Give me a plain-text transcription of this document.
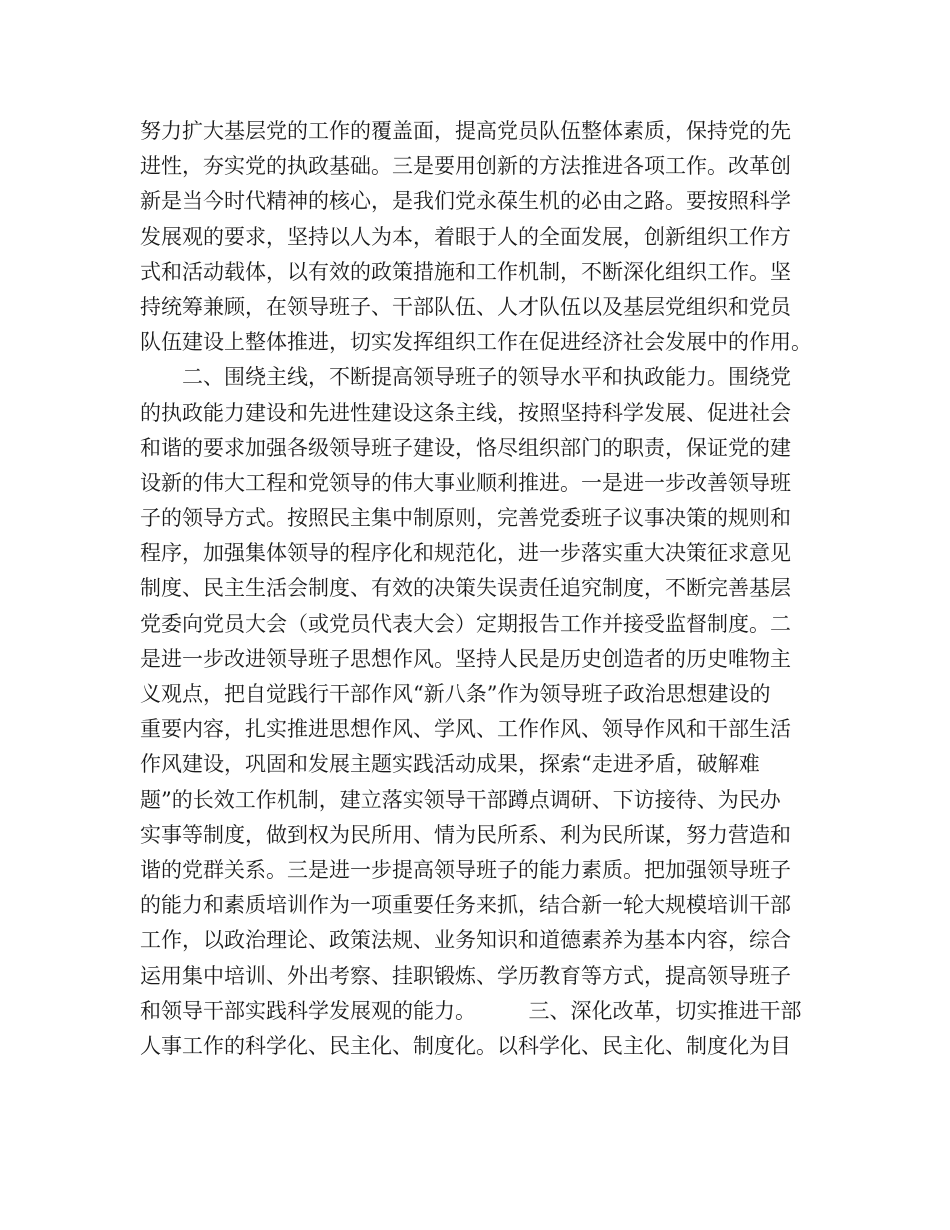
努力扩大基层党的工作的覆盖面，提高党员队伍整体素质，保持党的先
进性，夯实党的执政基础。三是要用创新的方法推进各项工作。改革创
新是当今时代精神的核心，是我们党永葆生机的必由之路。要按照科学
发展观的要求，坚持以人为本，着眼于人的全面发展，创新组织工作方
式和活动载体，以有效的政策措施和工作机制，不断深化组织工作。坚
持统筹兼顾，在领导班子、干部队伍、人才队伍以及基层党组织和党员
队伍建设上整体推进，切实发挥组织工作在促进经济社会发展中的作用。
　　二、围绕主线，不断提高领导班子的领导水平和执政能力。围绕党
的执政能力建设和先进性建设这条主线，按照坚持科学发展、促进社会
和谐的要求加强各级领导班子建设，恪尽组织部门的职责，保证党的建
设新的伟大工程和党领导的伟大事业顺利推进。一是进一步改善领导班
子的领导方式。按照民主集中制原则，完善党委班子议事决策的规则和
程序，加强集体领导的程序化和规范化，进一步落实重大决策征求意见
制度、民主生活会制度、有效的决策失误责任追究制度，不断完善基层
党委向党员大会（或党员代表大会）定期报告工作并接受监督制度。二
是进一步改进领导班子思想作风。坚持人民是历史创造者的历史唯物主
义观点，把自觉践行干部作风“新八条”作为领导班子政治思想建设的
重要内容，扎实推进思想作风、学风、工作作风、领导作风和干部生活
作风建设，巩固和发展主题实践活动成果，探索“走进矛盾，破解难
题”的长效工作机制，建立落实领导干部蹲点调研、下访接待、为民办
实事等制度，做到权为民所用、情为民所系、利为民所谋，努力营造和
谐的党群关系。三是进一步提高领导班子的能力素质。把加强领导班子
的能力和素质培训作为一项重要任务来抓，结合新一轮大规模培训干部
工作，以政治理论、政策法规、业务知识和道德素养为基本内容，综合
运用集中培训、外出考察、挂职锻炼、学历教育等方式，提高领导班子
和领导干部实践科学发展观的能力。　　　三、深化改革，切实推进干部
人事工作的科学化、民主化、制度化。以科学化、民主化、制度化为目
